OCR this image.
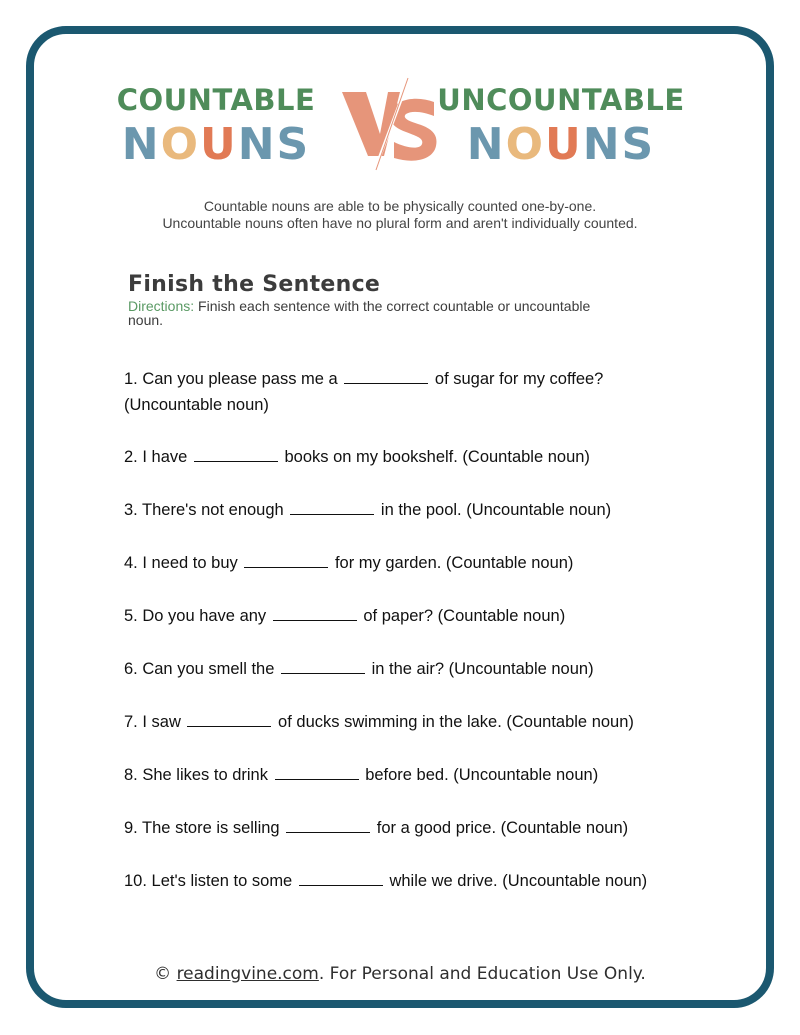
COUNTABLE
NOUNS
UNCOUNTABLE
NOUNS
Countable nouns are able to be physically counted one-by-one.
Uncountable nouns often have no plural form and aren't individually counted.
Finish the Sentence
Directions: Finish each sentence with the correct countable or uncountable noun.

1. Can you please pass me a	of sugar for my coffee? (Uncountable noun)

2. I have	books on my bookshelf. (Countable noun)

3. There's not enough	in the pool. (Uncountable noun)

4. I need to buy	for my garden. (Countable noun)

5. Do you have any	of paper? (Countable noun)

6. Can you smell the	in the air? (Uncountable noun)

7. I saw	of ducks swimming in the lake. (Countable noun)

8. She likes to drink	before bed. (Uncountable noun)

9. The store is selling	for a good price. (Countable noun)

10. Let's listen to some	while we drive. (Uncountable noun)

© readingvine.com. For Personal and Education Use Only.
